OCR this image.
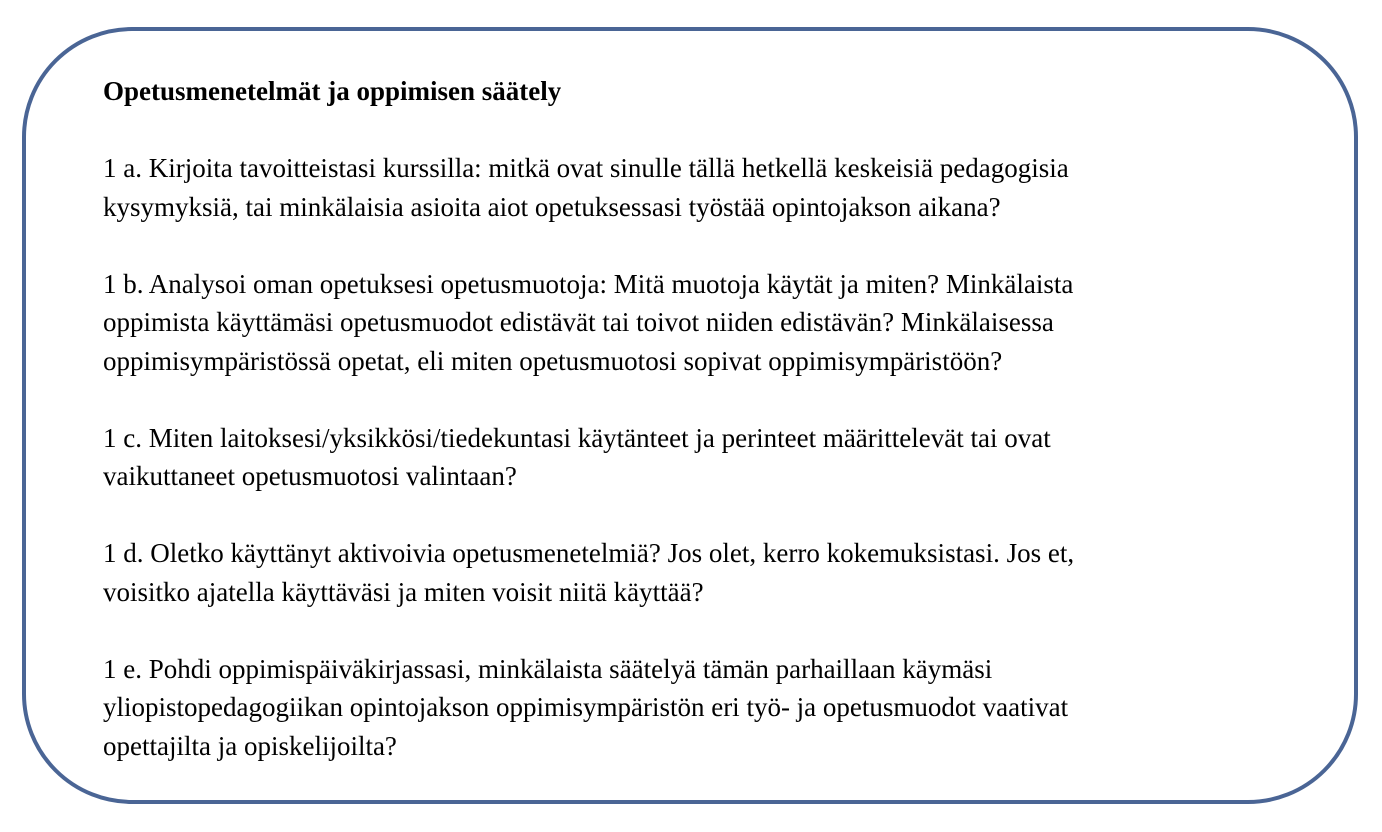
Opetusmenetelmät ja oppimisen säätely

1 a. Kirjoita tavoitteistasi kurssilla: mitkä ovat sinulle tällä hetkellä keskeisiä pedagogisia
kysymyksiä, tai minkälaisia asioita aiot opetuksessasi työstää opintojakson aikana?

1 b. Analysoi oman opetuksesi opetusmuotoja: Mitä muotoja käytät ja miten? Minkälaista
oppimista käyttämäsi opetusmuodot edistävät tai toivot niiden edistävän? Minkälaisessa
oppimisympäristössä opetat, eli miten opetusmuotosi sopivat oppimisympäristöön?

1 c. Miten laitoksesi/yksikkösi/tiedekuntasi käytänteet ja perinteet määrittelevät tai ovat
vaikuttaneet opetusmuotosi valintaan?

1 d. Oletko käyttänyt aktivoivia opetusmenetelmiä? Jos olet, kerro kokemuksistasi. Jos et,
voisitko ajatella käyttäväsi ja miten voisit niitä käyttää?

1 e. Pohdi oppimispäiväkirjassasi, minkälaista säätelyä tämän parhaillaan käymäsi
yliopistopedagogiikan opintojakson oppimisympäristön eri työ- ja opetusmuodot vaativat
opettajilta ja opiskelijoilta?
